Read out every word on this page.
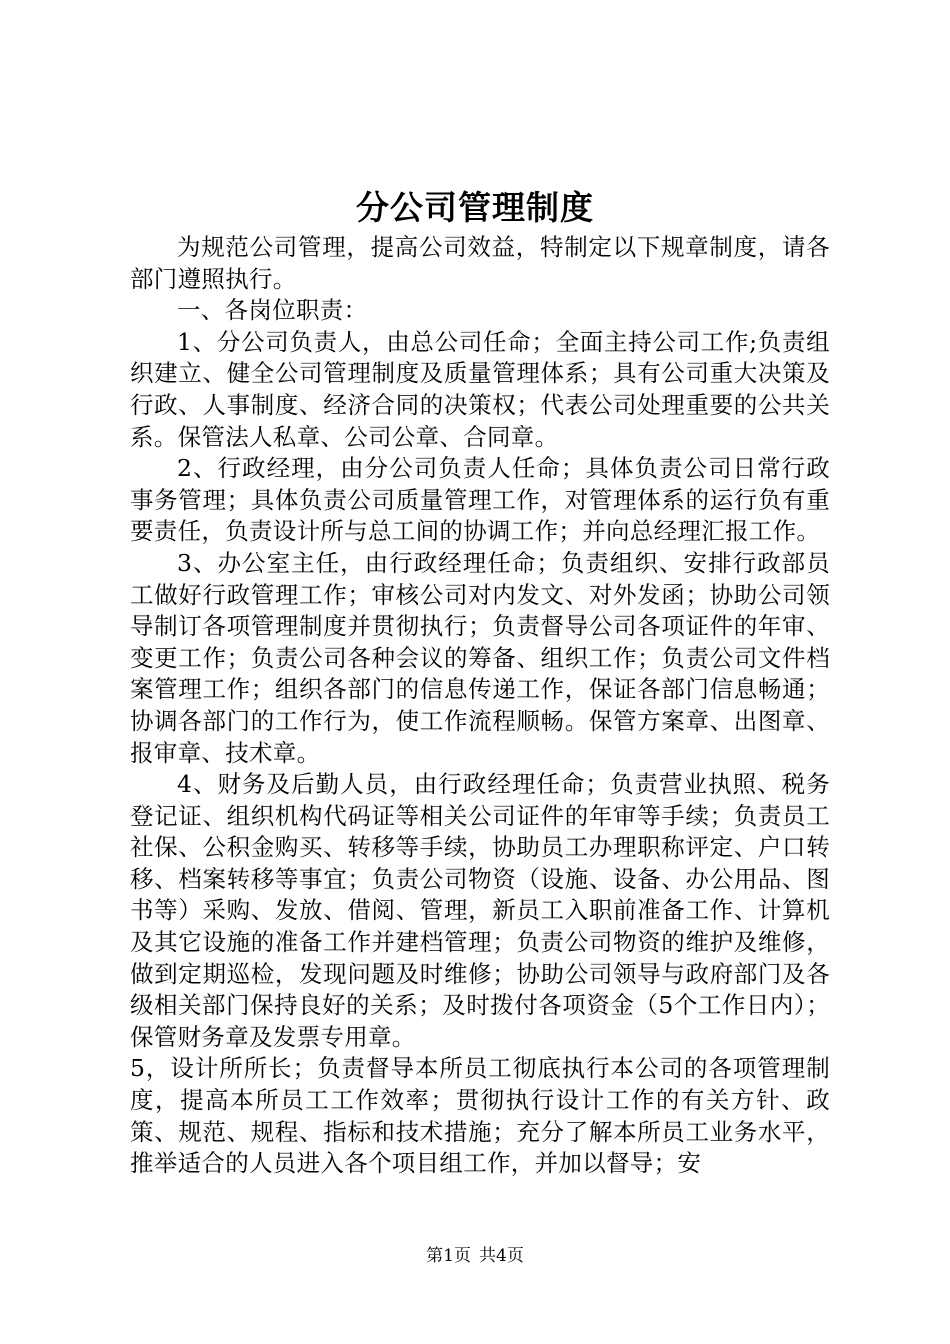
分公司管理制度

为规范公司管理，提高公司效益，特制定以下规章制度，请各部门遵照执行。

一、各岗位职责：

1、分公司负责人，由总公司任命；全面主持公司工作;负责组织建立、健全公司管理制度及质量管理体系；具有公司重大决策及行政、人事制度、经济合同的决策权；代表公司处理重要的公共关系。保管法人私章、公司公章、合同章。

2、行政经理，由分公司负责人任命；具体负责公司日常行政事务管理；具体负责公司质量管理工作，对管理体系的运行负有重要责任，负责设计所与总工间的协调工作；并向总经理汇报工作。

3、办公室主任，由行政经理任命；负责组织、安排行政部员工做好行政管理工作；审核公司对内发文、对外发函；协助公司领导制订各项管理制度并贯彻执行；负责督导公司各项证件的年审、变更工作；负责公司各种会议的筹备、组织工作；负责公司文件档案管理工作；组织各部门的信息传递工作，保证各部门信息畅通；协调各部门的工作行为，使工作流程顺畅。保管方案章、出图章、报审章、技术章。

4、财务及后勤人员，由行政经理任命；负责营业执照、税务登记证、组织机构代码证等相关公司证件的年审等手续；负责员工社保、公积金购买、转移等手续，协助员工办理职称评定、户口转移、档案转移等事宜；负责公司物资（设施、设备、办公用品、图书等）采购、发放、借阅、管理，新员工入职前准备工作、计算机及其它设施的准备工作并建档管理；负责公司物资的维护及维修，做到定期巡检，发现问题及时维修；协助公司领导与政府部门及各级相关部门保持良好的关系；及时拨付各项资金（5个工作日内）；保管财务章及发票专用章。

5，设计所所长；负责督导本所员工彻底执行本公司的各项管理制度，提高本所员工工作效率；贯彻执行设计工作的有关方针、政策、规范、规程、指标和技术措施；充分了解本所员工业务水平，推举适合的人员进入各个项目组工作，并加以督导；安

第1页 共4页
